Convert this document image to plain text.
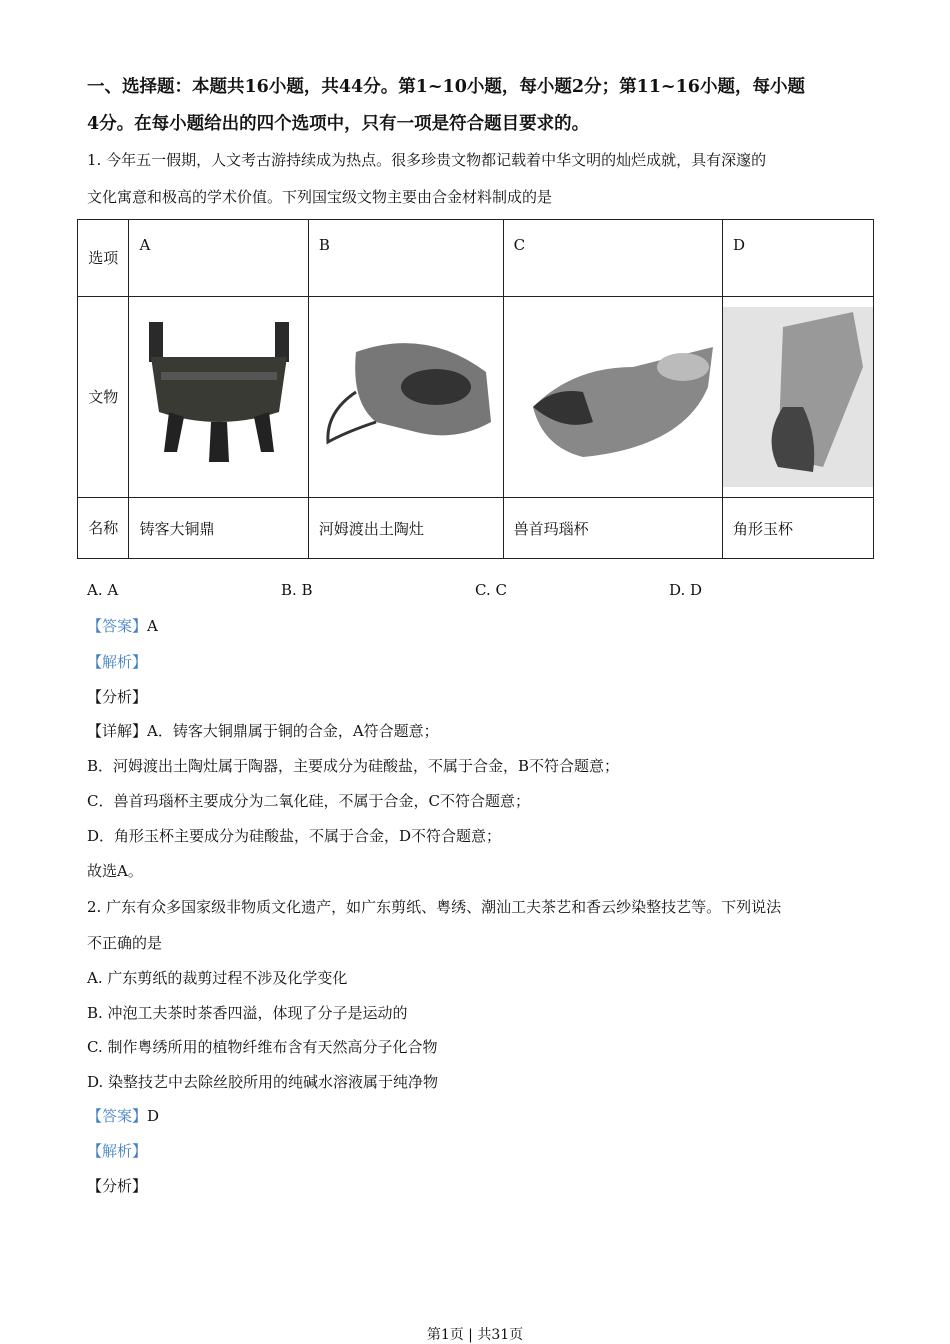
一、选择题：本题共16小题，共44分。第1~10小题，每小题2分；第11~16小题，每小题
4分。在每小题给出的四个选项中，只有一项是符合题目要求的。
1. 今年五一假期，人文考古游持续成为热点。很多珍贵文物都记载着中华文明的灿烂成就，具有深邃的
文化寓意和极高的学术价值。下列国宝级文物主要由合金材料制成的是
选项	A	B	C	D
文物	

名称	铸客大铜鼎	河姆渡出土陶灶	兽首玛瑙杯	角形玉杯
A. A	B. B	C. C	D. D
【答案】A
【解析】
【分析】
【详解】A．铸客大铜鼎属于铜的合金，A符合题意；
B．河姆渡出土陶灶属于陶器，主要成分为硅酸盐，不属于合金，B不符合题意；
C．兽首玛瑙杯主要成分为二氧化硅，不属于合金，C不符合题意；
D．角形玉杯主要成分为硅酸盐，不属于合金，D不符合题意；
故选A。
2. 广东有众多国家级非物质文化遗产，如广东剪纸、粤绣、潮汕工夫茶艺和香云纱染整技艺等。下列说法
不正确的是
A. 广东剪纸的裁剪过程不涉及化学变化
B. 冲泡工夫茶时茶香四溢，体现了分子是运动的
C. 制作粤绣所用的植物纤维布含有天然高分子化合物
D. 染整技艺中去除丝胶所用的纯碱水溶液属于纯净物
【答案】D
【解析】
【分析】
第1页 | 共31页
